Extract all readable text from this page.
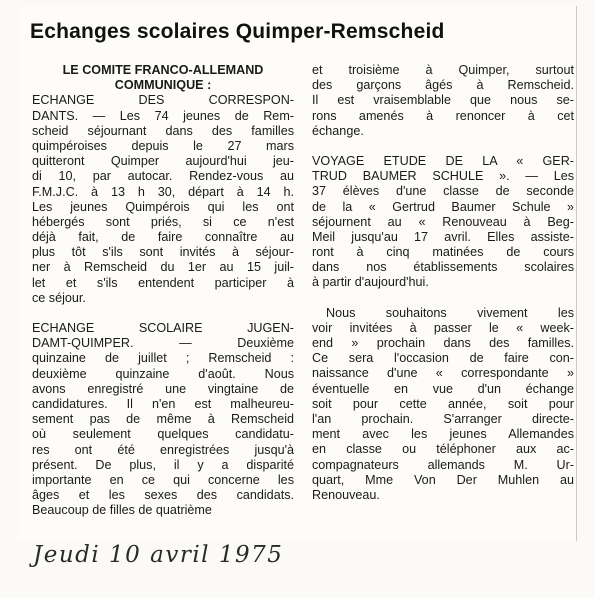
Echanges scolaires Quimper-Remscheid
LE COMITE FRANCO-ALLEMAND
COMMUNIQUE :
ECHANGE DES CORRESPON-
DANTS. — Les 74 jeunes de Rem-
scheid séjournant dans des familles
quimpéroises depuis le 27 mars
quitteront Quimper aujourd'hui jeu-
di 10, par autocar. Rendez-vous au
F.M.J.C. à 13 h 30, départ à 14 h.
Les jeunes Quimpérois qui les ont
hébergés sont priés, si ce n'est
déjà fait, de faire connaître au
plus tôt s'ils sont invités à séjour-
ner à Remscheid du 1er au 15 juil-
let et s'ils entendent participer à
ce séjour.
ECHANGE SCOLAIRE JUGEN-
DAMT-QUIMPER. — Deuxième
quinzaine de juillet ; Remscheid :
deuxième quinzaine d'août. Nous
avons enregistré une vingtaine de
candidatures. Il n'en est malheureu-
sement pas de même à Remscheid
où seulement quelques candidatu-
res ont été enregistrées jusqu'à
présent. De plus, il y a disparité
importante en ce qui concerne les
âges et les sexes des candidats.
Beaucoup de filles de quatrième
et troisième à Quimper, surtout
des garçons âgés à Remscheid.
Il est vraisemblable que nous se-
rons amenés à renoncer à cet
échange.
VOYAGE ETUDE DE LA « GER-
TRUD BAUMER SCHULE ». — Les
37 élèves d'une classe de seconde
de la « Gertrud Baumer Schule »
séjournent au « Renouveau à Beg-
Meil jusqu'au 17 avril. Elles assiste-
ront à cinq matinées de cours
dans nos établissements scolaires
à partir d'aujourd'hui.
Nous souhaitons vivement les
voir invitées à passer le « week-
end » prochain dans des familles.
Ce sera l'occasion de faire con-
naissance d'une « correspondante »
éventuelle en vue d'un échange
soit pour cette année, soit pour
l'an prochain. S'arranger directe-
ment avec les jeunes Allemandes
en classe ou téléphoner aux ac-
compagnateurs allemands M. Ur-
quart, Mme Von Der Muhlen au
Renouveau.

Jeudi 10 avril 1975
